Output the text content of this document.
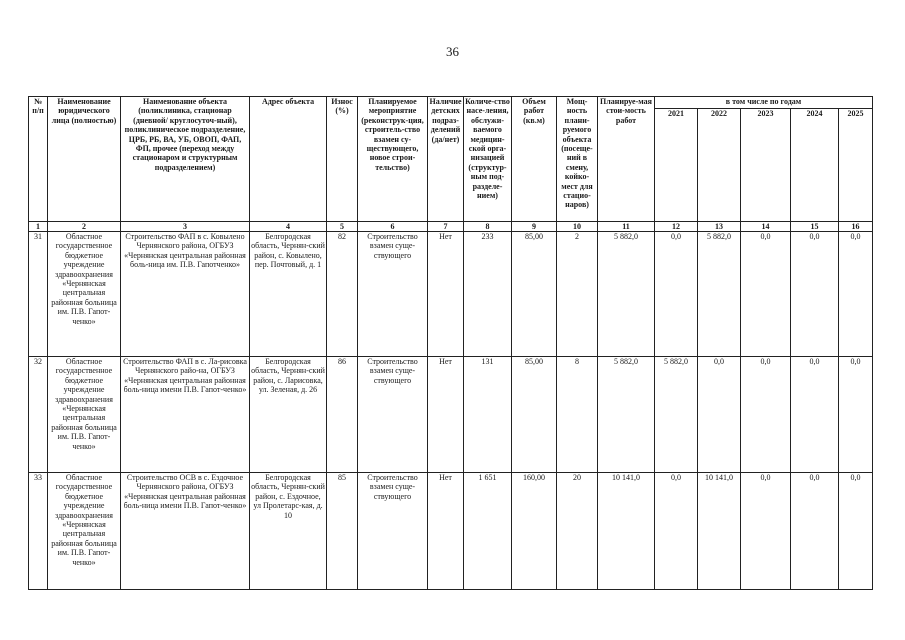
36
№ п/п	Наименование юридического лица (полностью)	Наименование объекта (поликлиника, стационар (дневной/ круглосуточ-ный), поликлиническое подразделение, ЦРБ, РБ, ВА, УБ, ОВОП, ФАП, ФП, прочее (переход между стационаром и структурным подразделением)	Адрес объекта	Износ (%)	Планируемое мероприятие (реконструк-ция, строитель-ство взамен су-ществующего, новое строи-тельство)	Наличие детских подраз-делений (да/нет)	Количе-ство насе-ления, обслужи-ваемого медицин-ской орга-низацией (структур-ным под-разделе-нием)	Объем работ (кв.м)	Мощ-ность плани-руемого объекта (посеще-ний в смену, койко-мест для стацио-наров)	Планируе-мая стои-мость работ	в том числе по годам				
											2021	2022	2023	2024	2025
1	2	3	4	5	6	7	8	9	10	11	12	13	14	15	16
31	Областное государственное бюджетное учреждение здравоохранения «Чернянская центральная районная больница им. П.В. Гапот-ченко»	Строительство ФАП в с. Ковылено Чернянского района, ОГБУЗ «Чернянская центральная районная боль-ница им. П.В. Гапотченко»	Белгородская область, Чернян-ский район, с. Ковылено, пер. Почтовый, д. 1	82	Строительство взамен суще-ствующего	Нет	233	85,00	2	5 882,0	0,0	5 882,0	0,0	0,0	0,0
32	Областное государственное бюджетное учреждение здравоохранения «Чернянская центральная районная больница им. П.В. Гапот-ченко»	Строительство ФАП в с. Ла-рисовка Чернянского райо-на, ОГБУЗ «Чернянская центральная районная боль-ница имени П.В. Гапот-ченко»	Белгородская область, Чернян-ский район, с. Ларисовка, ул. Зеленая, д. 26	86	Строительство взамен суще-ствующего	Нет	131	85,00	8	5 882,0	5 882,0	0,0	0,0	0,0	0,0
33	Областное государственное бюджетное учреждение здравоохранения «Чернянская центральная районная больница им. П.В. Гапот-ченко»	Строительство ОСВ в с. Ездочное Чернянского района, ОГБУЗ «Чернянская центральная районная боль-ница имени П.В. Гапот-ченко»	Белгородская область, Чернян-ский район, с. Ездочное, ул Пролетарс-кая, д. 10	85	Строительство взамен суще-ствующего	Нет	1 651	160,00	20	10 141,0	0,0	10 141,0	0,0	0,0	0,0
